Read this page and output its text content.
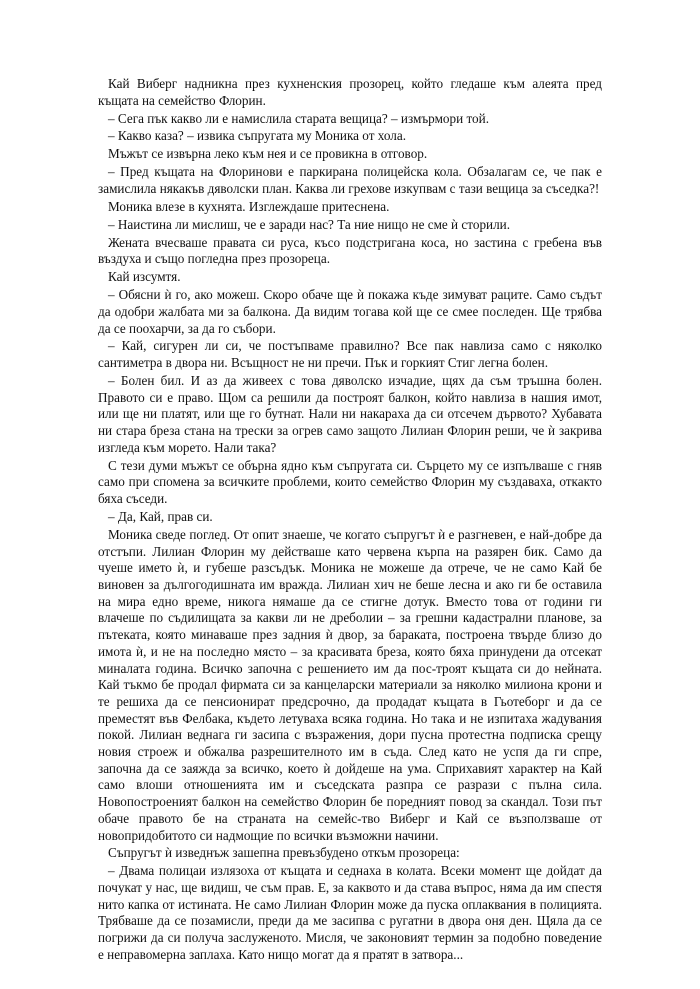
Кай Виберг надникна през кухненския прозорец, който гледаше към алеята пред къщата на семейство Флорин.

– Сега пък какво ли е намислила старата вещица? – измърмори той.

– Какво каза? – извика съпругата му Моника от хола.

Мъжът се извърна леко към нея и се провикна в отговор.

– Пред къщата на Флоринови е паркирана полицейска кола. Обзалагам се, че пак е замислила някакъв дяволски план. Каква ли грехове изкупвам с тази вещица за съседка?!

Моника влезе в кухнята. Изглеждаше притеснена.

– Наистина ли мислиш, че е заради нас? Та ние нищо не сме ѝ сторили.

Жената вчесваше правата си руса, късо подстригана коса, но застина с гребена във въздуха и също погледна през прозореца.

Кай изсумтя.

– Обясни ѝ го, ако можеш. Скоро обаче ще ѝ покажа къде зимуват раците. Само съдът да одобри жалбата ми за балкона. Да видим тогава кой ще се смее последен. Ще трябва да се поохарчи, за да го събори.

– Кай, сигурен ли си, че постъпваме правилно? Все пак навлиза само с няколко сантиметра в двора ни. Всъщност не ни пречи. Пък и горкият Стиг легна болен.

– Болен бил. И аз да живеех с това дяволско изчадие, щях да съм тръшна болен. Правото си е право. Щом са решили да построят балкон, който навлиза в нашия имот, или ще ни платят, или ще го бутнат. Нали ни накараха да си отсечем дървото? Хубавата ни стара бреза стана на трески за огрев само защото Лилиан Флорин реши, че ѝ закрива изгледа към морето. Нали така?

С тези думи мъжът се обърна ядно към съпругата си. Сърцето му се изпълваше с гняв само при спомена за всичките проблеми, които семейство Флорин му създаваха, откакто бяха съседи.

– Да, Кай, прав си.

Моника сведе поглед. От опит знаеше, че когато съпругът ѝ е разгневен, е най-добре да отстъпи. Лилиан Флорин му действаше като червена кърпа на разярен бик. Само да чуеше името ѝ, и губеше разсъдък. Моника не можеше да отрече, че не само Кай бе виновен за дългогодишната им вражда. Лилиан хич не беше лесна и ако ги бе оставила на мира едно време, никога нямаше да се стигне дотук. Вместо това от години ги влачеше по съдилищата за какви ли не дреболии – за грешни кадастрални планове, за пътеката, която минаваше през задния ѝ двор, за бараката, построена твърде близо до имота ѝ, и не на последно място – за красивата бреза, която бяха принудени да отсекат миналата година. Всичко започна с решението им да пос-троят къщата си до нейната. Кай тъкмо бе продал фирмата си за канцеларски материали за няколко милиона крони и те решиха да се пенсионират предсрочно, да продадат къщата в Гьотеборг и да се преместят във Фелбака, където летуваха всяка година. Но така и не изпитаха жадувания покой. Лилиан веднага ги засипа с възражения, дори пусна протестна подписка срещу новия строеж и обжалва разрешителното им в съда. След като не успя да ги спре, започна да се заяжда за всичко, което ѝ дойдеше на ума. Сприхавият характер на Кай само влоши отношенията им и съседската разпра се разрази с пълна сила. Новопостроеният балкон на семейство Флорин бе поредният повод за скандал. Този път обаче правото бе на страната на семейс-тво Виберг и Кай се възползваше от новопридобитото си надмощие по всички възможни начини.

Съпругът ѝ изведнъж зашепна превъзбудено откъм прозореца:

– Двама полицаи излязоха от къщата и седнаха в колата. Всеки момент ще дойдат да почукат у нас, ще видиш, че съм прав. Е, за каквото и да става въпрос, няма да им спестя нито капка от истината. Не само Лилиан Флорин може да пуска оплаквания в полицията. Трябваше да се позамисли, преди да ме засипва с ругатни в двора оня ден. Щяла да се погрижи да си получа заслуженото. Мисля, че законовият термин за подобно поведение е неправомерна заплаха. Като нищо могат да я пратят в затвора...
